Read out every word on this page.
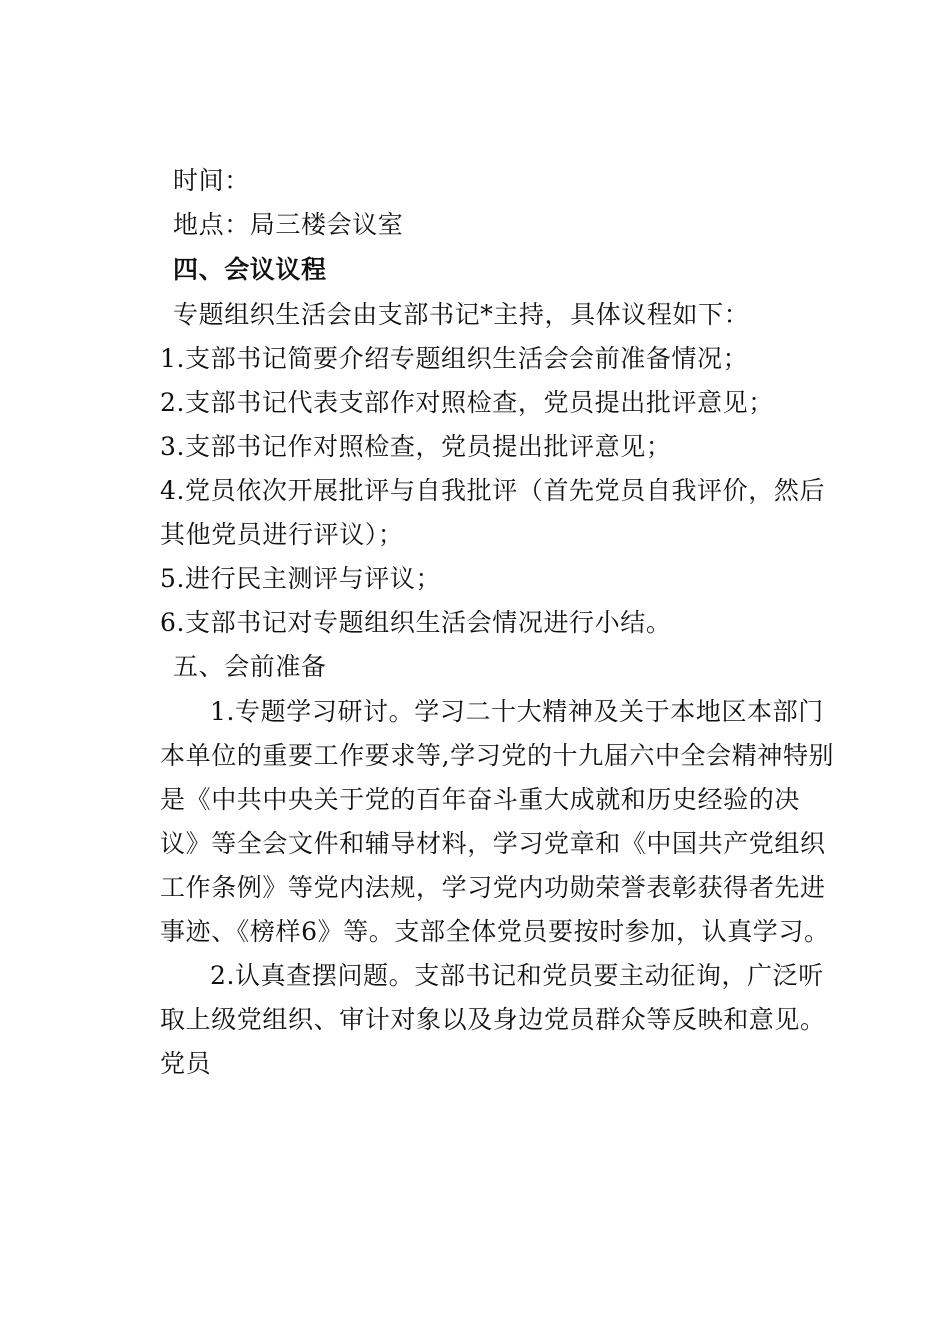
时间：
地点：局三楼会议室
四、会议议程
专题组织生活会由支部书记*主持，具体议程如下：
1.支部书记简要介绍专题组织生活会会前准备情况；
2.支部书记代表支部作对照检查，党员提出批评意见；
3.支部书记作对照检查，党员提出批评意见；
4.党员依次开展批评与自我批评（首先党员自我评价，然后
其他党员进行评议）；
5.进行民主测评与评议；
6.支部书记对专题组织生活会情况进行小结。
五、会前准备
1.专题学习研讨。学习二十大精神及关于本地区本部门
本单位的重要工作要求等,学习党的十九届六中全会精神特别
是《中共中央关于党的百年奋斗重大成就和历史经验的决
议》等全会文件和辅导材料，学习党章和《中国共产党组织
工作条例》等党内法规，学习党内功勋荣誉表彰获得者先进
事迹、《榜样6》等。支部全体党员要按时参加，认真学习。
2.认真查摆问题。支部书记和党员要主动征询，广泛听
取上级党组织、审计对象以及身边党员群众等反映和意见。
党员
